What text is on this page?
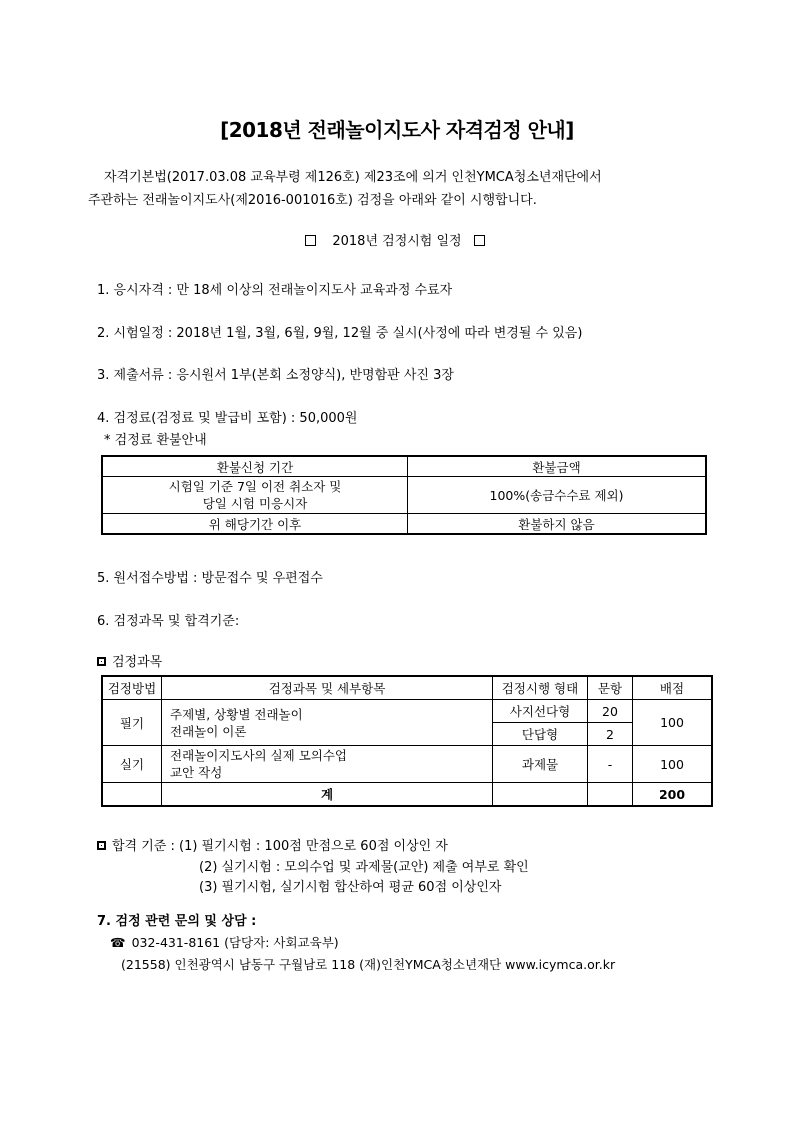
[2018년 전래놀이지도사 자격검정 안내]
자격기본법(2017.03.08 교육부령 제126호) 제23조에 의거 인천YMCA청소년재단에서
주관하는 전래놀이지도사(제2016-001016호) 검정을 아래와 같이 시행합니다.
2018년 검정시험 일정
1. 응시자격 : 만 18세 이상의 전래놀이지도사 교육과정 수료자
2. 시험일정 : 2018년 1월, 3월, 6월, 9월, 12월 중 실시(사정에 따라 변경될 수 있음)
3. 제출서류 : 응시원서 1부(본회 소정양식), 반명함판 사진 3장
4. 검정료(검정료 및 발급비 포함) : 50,000원
* 검정료 환불안내
환불신청 기간	환불금액

시험일 기준 7일 이전 취소자 및
당일 시험 미응시자	100%(송금수수료 제외)
위 해당기간 이후	환불하지 않음
5. 원서접수방법 : 방문접수 및 우편접수
6. 검정과목 및 합격기준:
검정과목
검정방법	검정과목 및 세부항목	검정시행 형태	문항	배점
필기	주제별, 상황별 전래놀이
전래놀이 이론	사지선다형	20	100
		단답형	2	
실기	전래놀이지도사의 실제 모의수업
교안 작성	과제물	-	100
	계			200
합격 기준 : (1) 필기시험 : 100점 만점으로 60점 이상인 자
(2) 실기시험 : 모의수업 및 과제물(교안) 제출 여부로 확인
(3) 필기시험, 실기시험 합산하여 평균 60점 이상인자
7. 검정 관련 문의 및 상담 :
☎ 032-431-8161 (담당자: 사회교육부)
(21558) 인천광역시 남동구 구월남로 118 (재)인천YMCA청소년재단 www.icymca.or.kr
